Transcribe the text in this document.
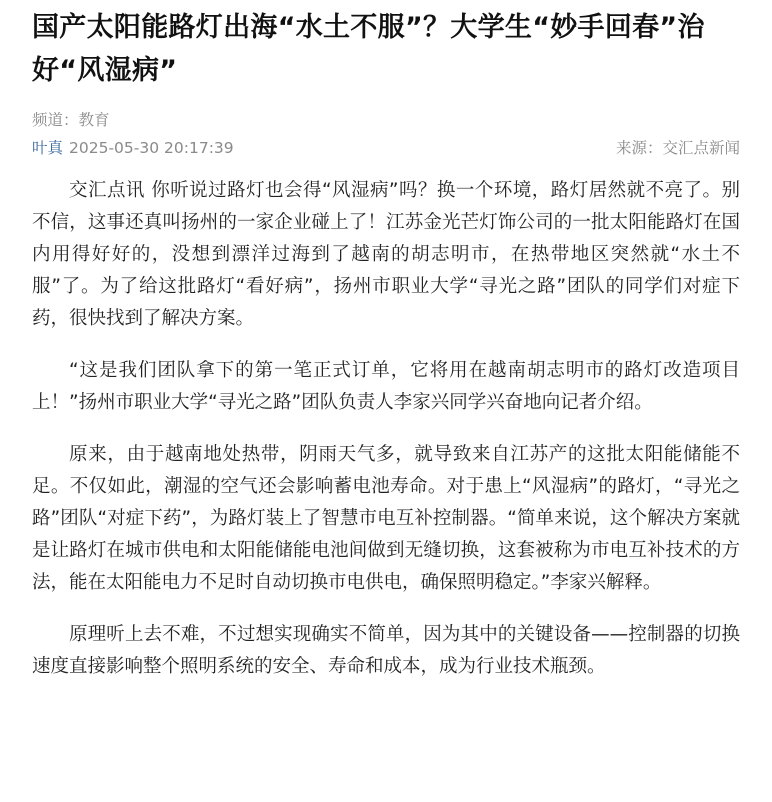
国产太阳能路灯出海“水土不服”？大学生“妙手回春”治好“风湿病”
频道：教育
叶真 2025-05-30 20:17:39	来源：交汇点新闻

交汇点讯 你听说过路灯也会得“风湿病”吗？换一个环境，路灯居然就不亮了。别不信，这事还真叫扬州的一家企业碰上了！江苏金光芒灯饰公司的一批太阳能路灯在国内用得好好的，没想到漂洋过海到了越南的胡志明市，在热带地区突然就“水土不服”了。为了给这批路灯“看好病”，扬州市职业大学“寻光之路”团队的同学们对症下药，很快找到了解决方案。

“这是我们团队拿下的第一笔正式订单，它将用在越南胡志明市的路灯改造项目上！”扬州市职业大学“寻光之路”团队负责人李家兴同学兴奋地向记者介绍。

原来，由于越南地处热带，阴雨天气多，就导致来自江苏产的这批太阳能储能不足。不仅如此，潮湿的空气还会影响蓄电池寿命。对于患上“风湿病”的路灯，“寻光之路”团队“对症下药”，为路灯装上了智慧市电互补控制器。“简单来说，这个解决方案就是让路灯在城市供电和太阳能储能电池间做到无缝切换，这套被称为市电互补技术的方法，能在太阳能电力不足时自动切换市电供电，确保照明稳定。”李家兴解释。

原理听上去不难，不过想实现确实不简单，因为其中的关键设备——控制器的切换速度直接影响整个照明系统的安全、寿命和成本，成为行业技术瓶颈。
